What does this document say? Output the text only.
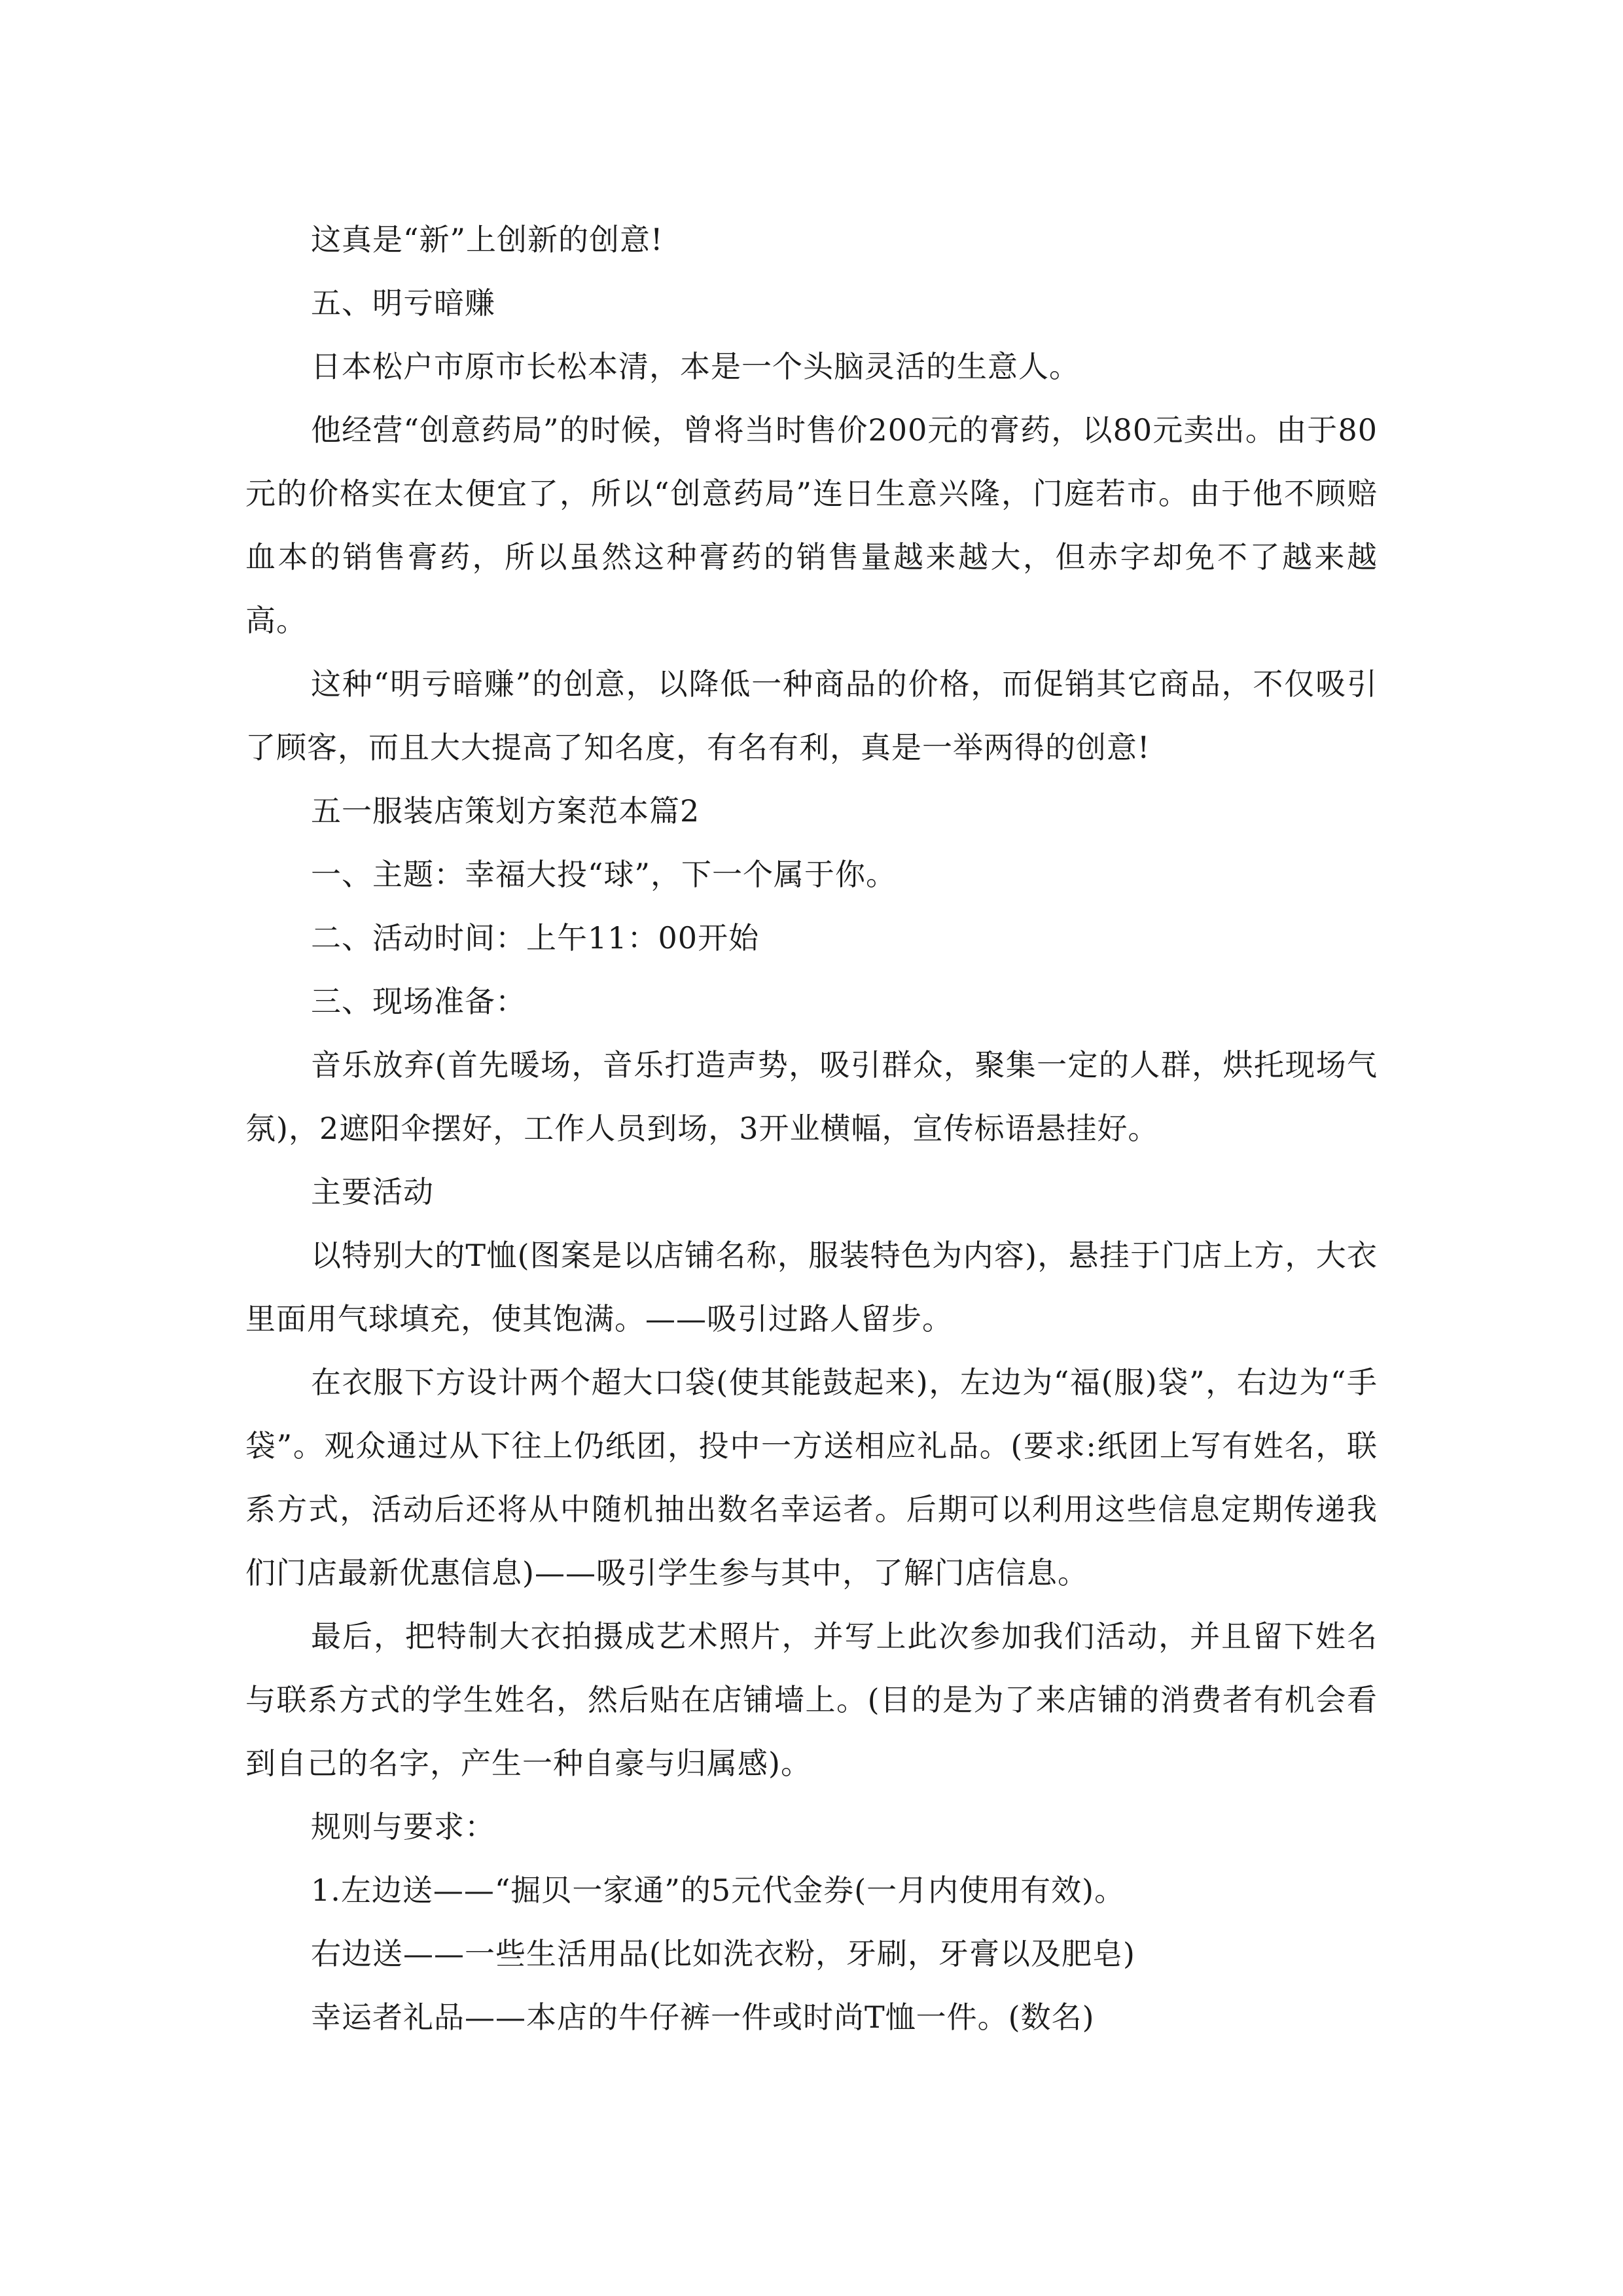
这真是“新”上创新的创意!

五、明亏暗赚

日本松户市原市长松本清，本是一个头脑灵活的生意人。

他经营“创意药局”的时候，曾将当时售价200元的膏药，以80元卖出。由于80元的价格实在太便宜了，所以“创意药局”连日生意兴隆，门庭若市。由于他不顾赔血本的销售膏药，所以虽然这种膏药的销售量越来越大，但赤字却免不了越来越高。

这种“明亏暗赚”的创意，以降低一种商品的价格，而促销其它商品，不仅吸引了顾客，而且大大提高了知名度，有名有利，真是一举两得的创意!

五一服装店策划方案范本篇2

一、主题：幸福大投“球”，下一个属于你。

二、活动时间：上午11：00开始

三、现场准备：

音乐放弃(首先暖场，音乐打造声势，吸引群众，聚集一定的人群，烘托现场气氛)，2遮阳伞摆好，工作人员到场，3开业横幅，宣传标语悬挂好。

主要活动

以特别大的T恤(图案是以店铺名称，服装特色为内容)，悬挂于门店上方，大衣里面用气球填充，使其饱满。——吸引过路人留步。

在衣服下方设计两个超大口袋(使其能鼓起来)，左边为“福(服)袋”，右边为“手袋”。观众通过从下往上仍纸团，投中一方送相应礼品。(要求:纸团上写有姓名，联系方式，活动后还将从中随机抽出数名幸运者。后期可以利用这些信息定期传递我们门店最新优惠信息)——吸引学生参与其中，了解门店信息。

最后，把特制大衣拍摄成艺术照片，并写上此次参加我们活动，并且留下姓名与联系方式的学生姓名，然后贴在店铺墙上。(目的是为了来店铺的消费者有机会看到自己的名字，产生一种自豪与归属感)。

规则与要求：

1.左边送——“掘贝一家通”的5元代金券(一月内使用有效)。

右边送——一些生活用品(比如洗衣粉，牙刷，牙膏以及肥皂)

幸运者礼品——本店的牛仔裤一件或时尚T恤一件。(数名)
